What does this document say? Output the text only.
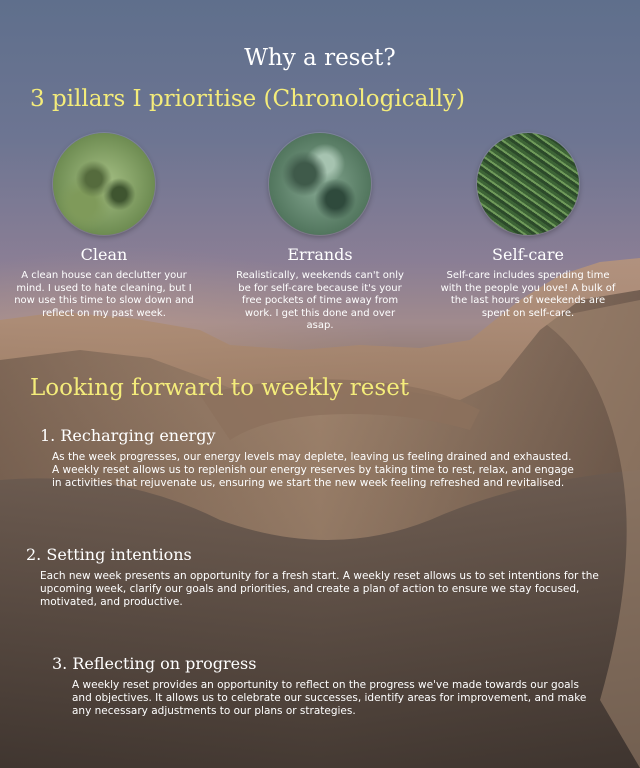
Why a reset?
3 pillars I prioritise (Chronologically)
Clean
A clean house can declutter your mind. I used to hate cleaning, but I now use this time to slow down and reflect on my past week.
Errands
Realistically, weekends can't only be for self-care because it's your free pockets of time away from work. I get this done and over asap.
Self-care
Self-care includes spending time with the people you love! A bulk of the last hours of weekends are spent on self-care.
Looking forward to weekly reset
1. Recharging energy
As the week progresses, our energy levels may deplete, leaving us feeling drained and exhausted. A weekly reset allows us to replenish our energy reserves by taking time to rest, relax, and engage in activities that rejuvenate us, ensuring we start the new week feeling refreshed and revitalised.
2. Setting intentions
Each new week presents an opportunity for a fresh start. A weekly reset allows us to set intentions for the upcoming week, clarify our goals and priorities, and create a plan of action to ensure we stay focused, motivated, and productive.
3. Reflecting on progress
A weekly reset provides an opportunity to reflect on the progress we've made towards our goals and objectives. It allows us to celebrate our successes, identify areas for improvement, and make any necessary adjustments to our plans or strategies.
